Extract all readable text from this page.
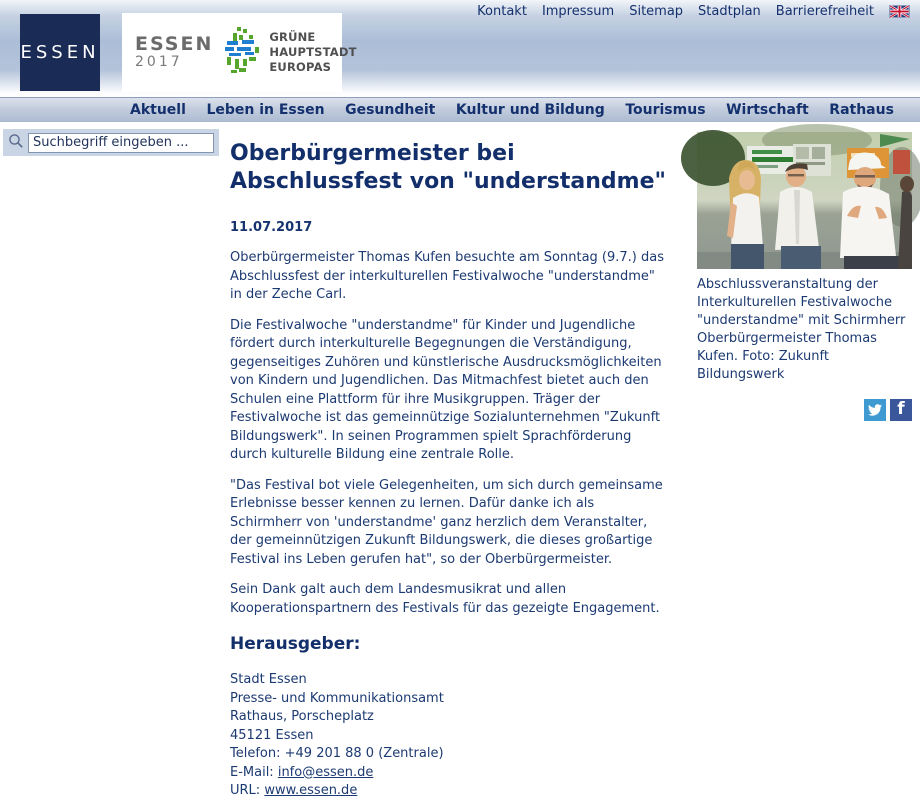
Kontakt Impressum Sitemap Stadtplan Barrierefreiheit
ESSEN ESSEN
2017
GRÜNE HAUPTSTADT
EUROPAS
Aktuell Leben in Essen Gesundheit Kultur und Bildung Tourismus Wirtschaft Rathaus
Suchbegriff eingeben ...
Oberbürgermeister bei Abschlussfest von "understandme"
11.07.2017

Oberbürgermeister Thomas Kufen besuchte am Sonntag (9.7.) das Abschlussfest der interkulturellen Festivalwoche "understandme" in der Zeche Carl.

Die Festivalwoche "understandme" für Kinder und Jugendliche fördert durch interkulturelle Begegnungen die Verständigung, gegenseitiges Zuhören und künstlerische Ausdrucksmöglichkeiten von Kindern und Jugendlichen. Das Mitmachfest bietet auch den Schulen eine Plattform für ihre Musikgruppen. Träger der Festivalwoche ist das gemeinnützige Sozialunternehmen "Zukunft Bildungswerk". In seinen Programmen spielt Sprachförderung durch kulturelle Bildung eine zentrale Rolle.

"Das Festival bot viele Gelegenheiten, um sich durch gemeinsame Erlebnisse besser kennen zu lernen. Dafür danke ich als Schirmherr von 'understandme' ganz herzlich dem Veranstalter, der gemeinnützigen Zukunft Bildungswerk, die dieses großartige Festival ins Leben gerufen hat", so der Oberbürgermeister.

Sein Dank galt auch dem Landesmusikrat und allen Kooperationspartnern des Festivals für das gezeigte Engagement.

Herausgeber:
Stadt Essen
Presse- und Kommunikationsamt
Rathaus, Porscheplatz
45121 Essen
Telefon: +49 201 88 0 (Zentrale)
E-Mail: info@essen.de
URL: www.essen.de
Abschlussveranstaltung der Interkulturellen Festivalwoche "understandme" mit Schirmherr Oberbürgermeister Thomas Kufen. Foto: Zukunft Bildungswerk
f
